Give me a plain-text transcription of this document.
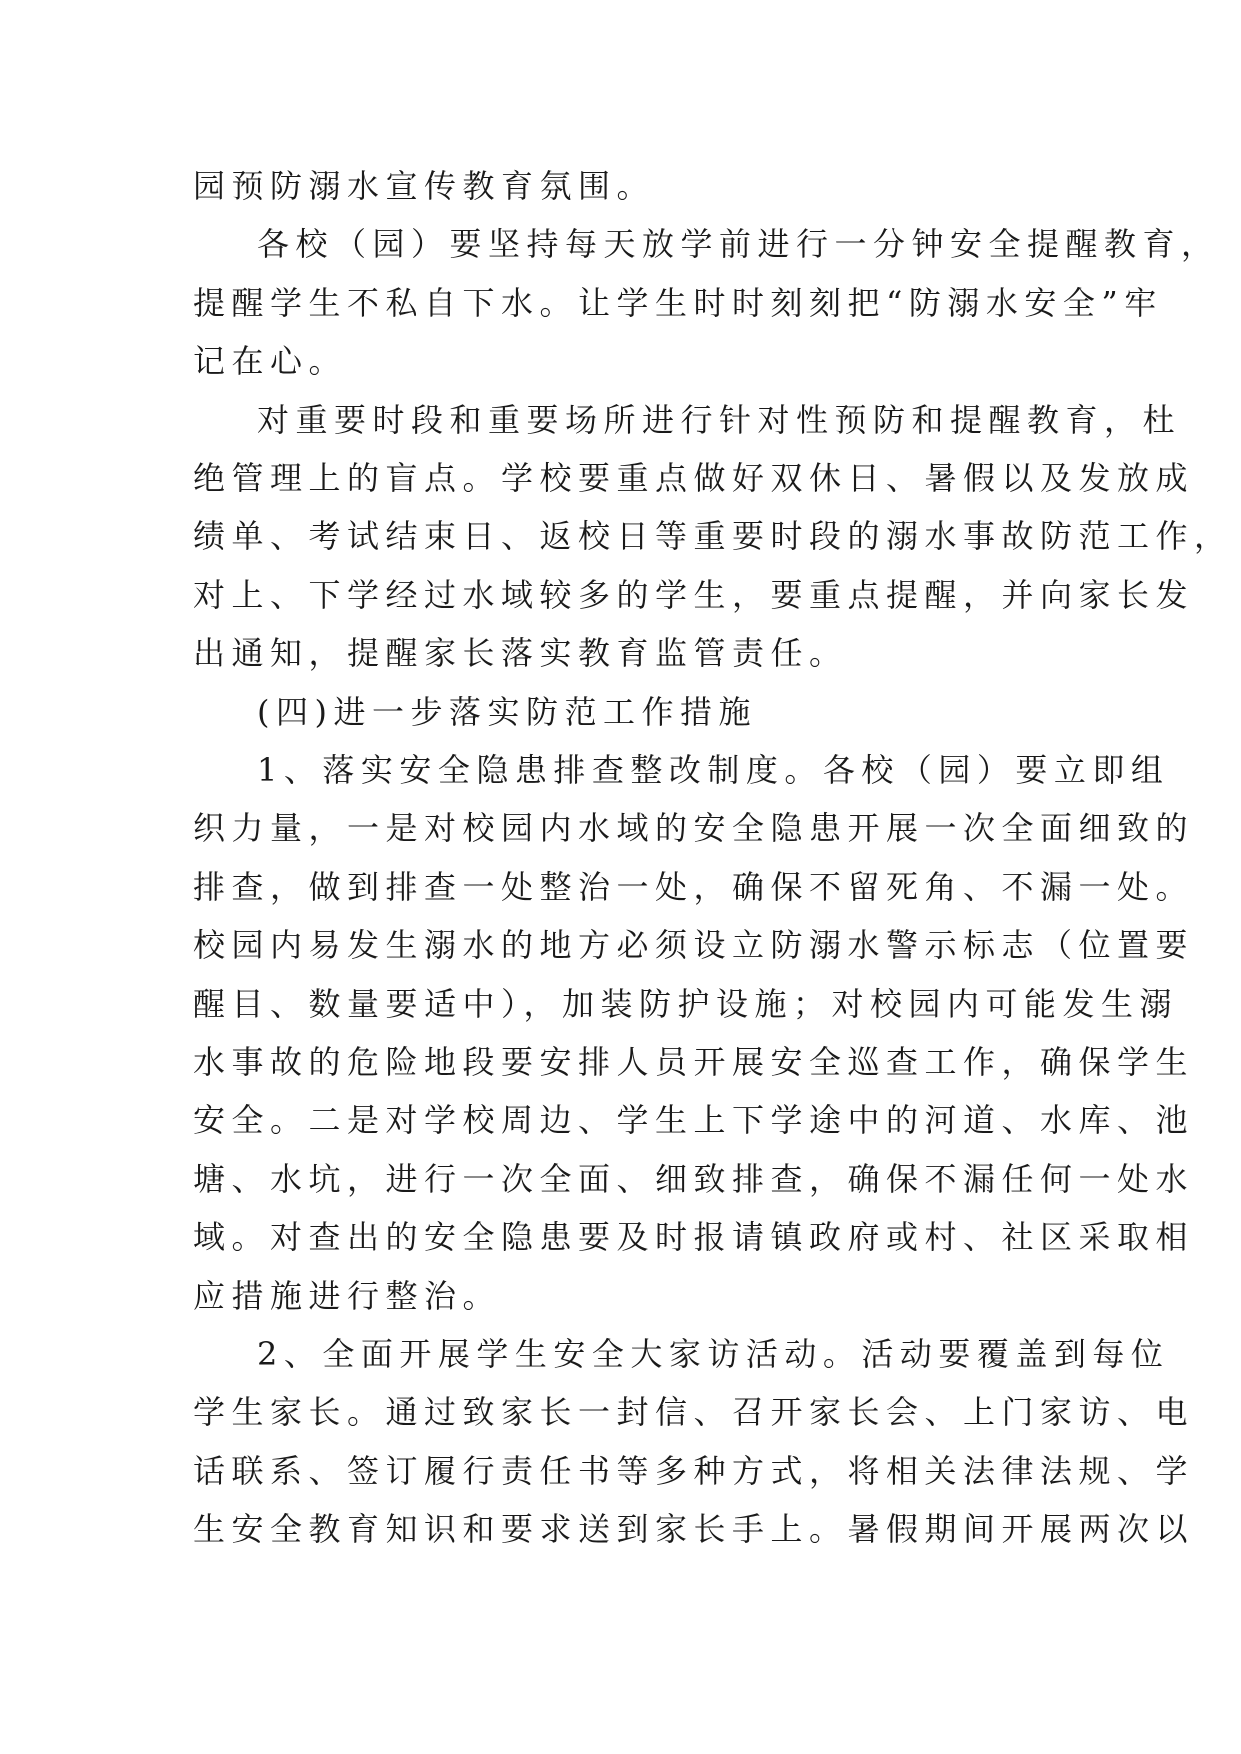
园预防溺水宣传教育氛围。
各校（园）要坚持每天放学前进行一分钟安全提醒教育，
提醒学生不私自下水。让学生时时刻刻把“防溺水安全”牢
记在心。
对重要时段和重要场所进行针对性预防和提醒教育，杜
绝管理上的盲点。学校要重点做好双休日、暑假以及发放成
绩单、考试结束日、返校日等重要时段的溺水事故防范工作，
对上、下学经过水域较多的学生，要重点提醒，并向家长发
出通知，提醒家长落实教育监管责任。
(四)进一步落实防范工作措施
1、落实安全隐患排查整改制度。各校（园）要立即组
织力量，一是对校园内水域的安全隐患开展一次全面细致的
排查，做到排查一处整治一处，确保不留死角、不漏一处。
校园内易发生溺水的地方必须设立防溺水警示标志（位置要
醒目、数量要适中），加装防护设施；对校园内可能发生溺
水事故的危险地段要安排人员开展安全巡查工作，确保学生
安全。二是对学校周边、学生上下学途中的河道、水库、池
塘、水坑，进行一次全面、细致排查，确保不漏任何一处水
域。对查出的安全隐患要及时报请镇政府或村、社区采取相
应措施进行整治。
2、全面开展学生安全大家访活动。活动要覆盖到每位
学生家长。通过致家长一封信、召开家长会、上门家访、电
话联系、签订履行责任书等多种方式，将相关法律法规、学
生安全教育知识和要求送到家长手上。暑假期间开展两次以
